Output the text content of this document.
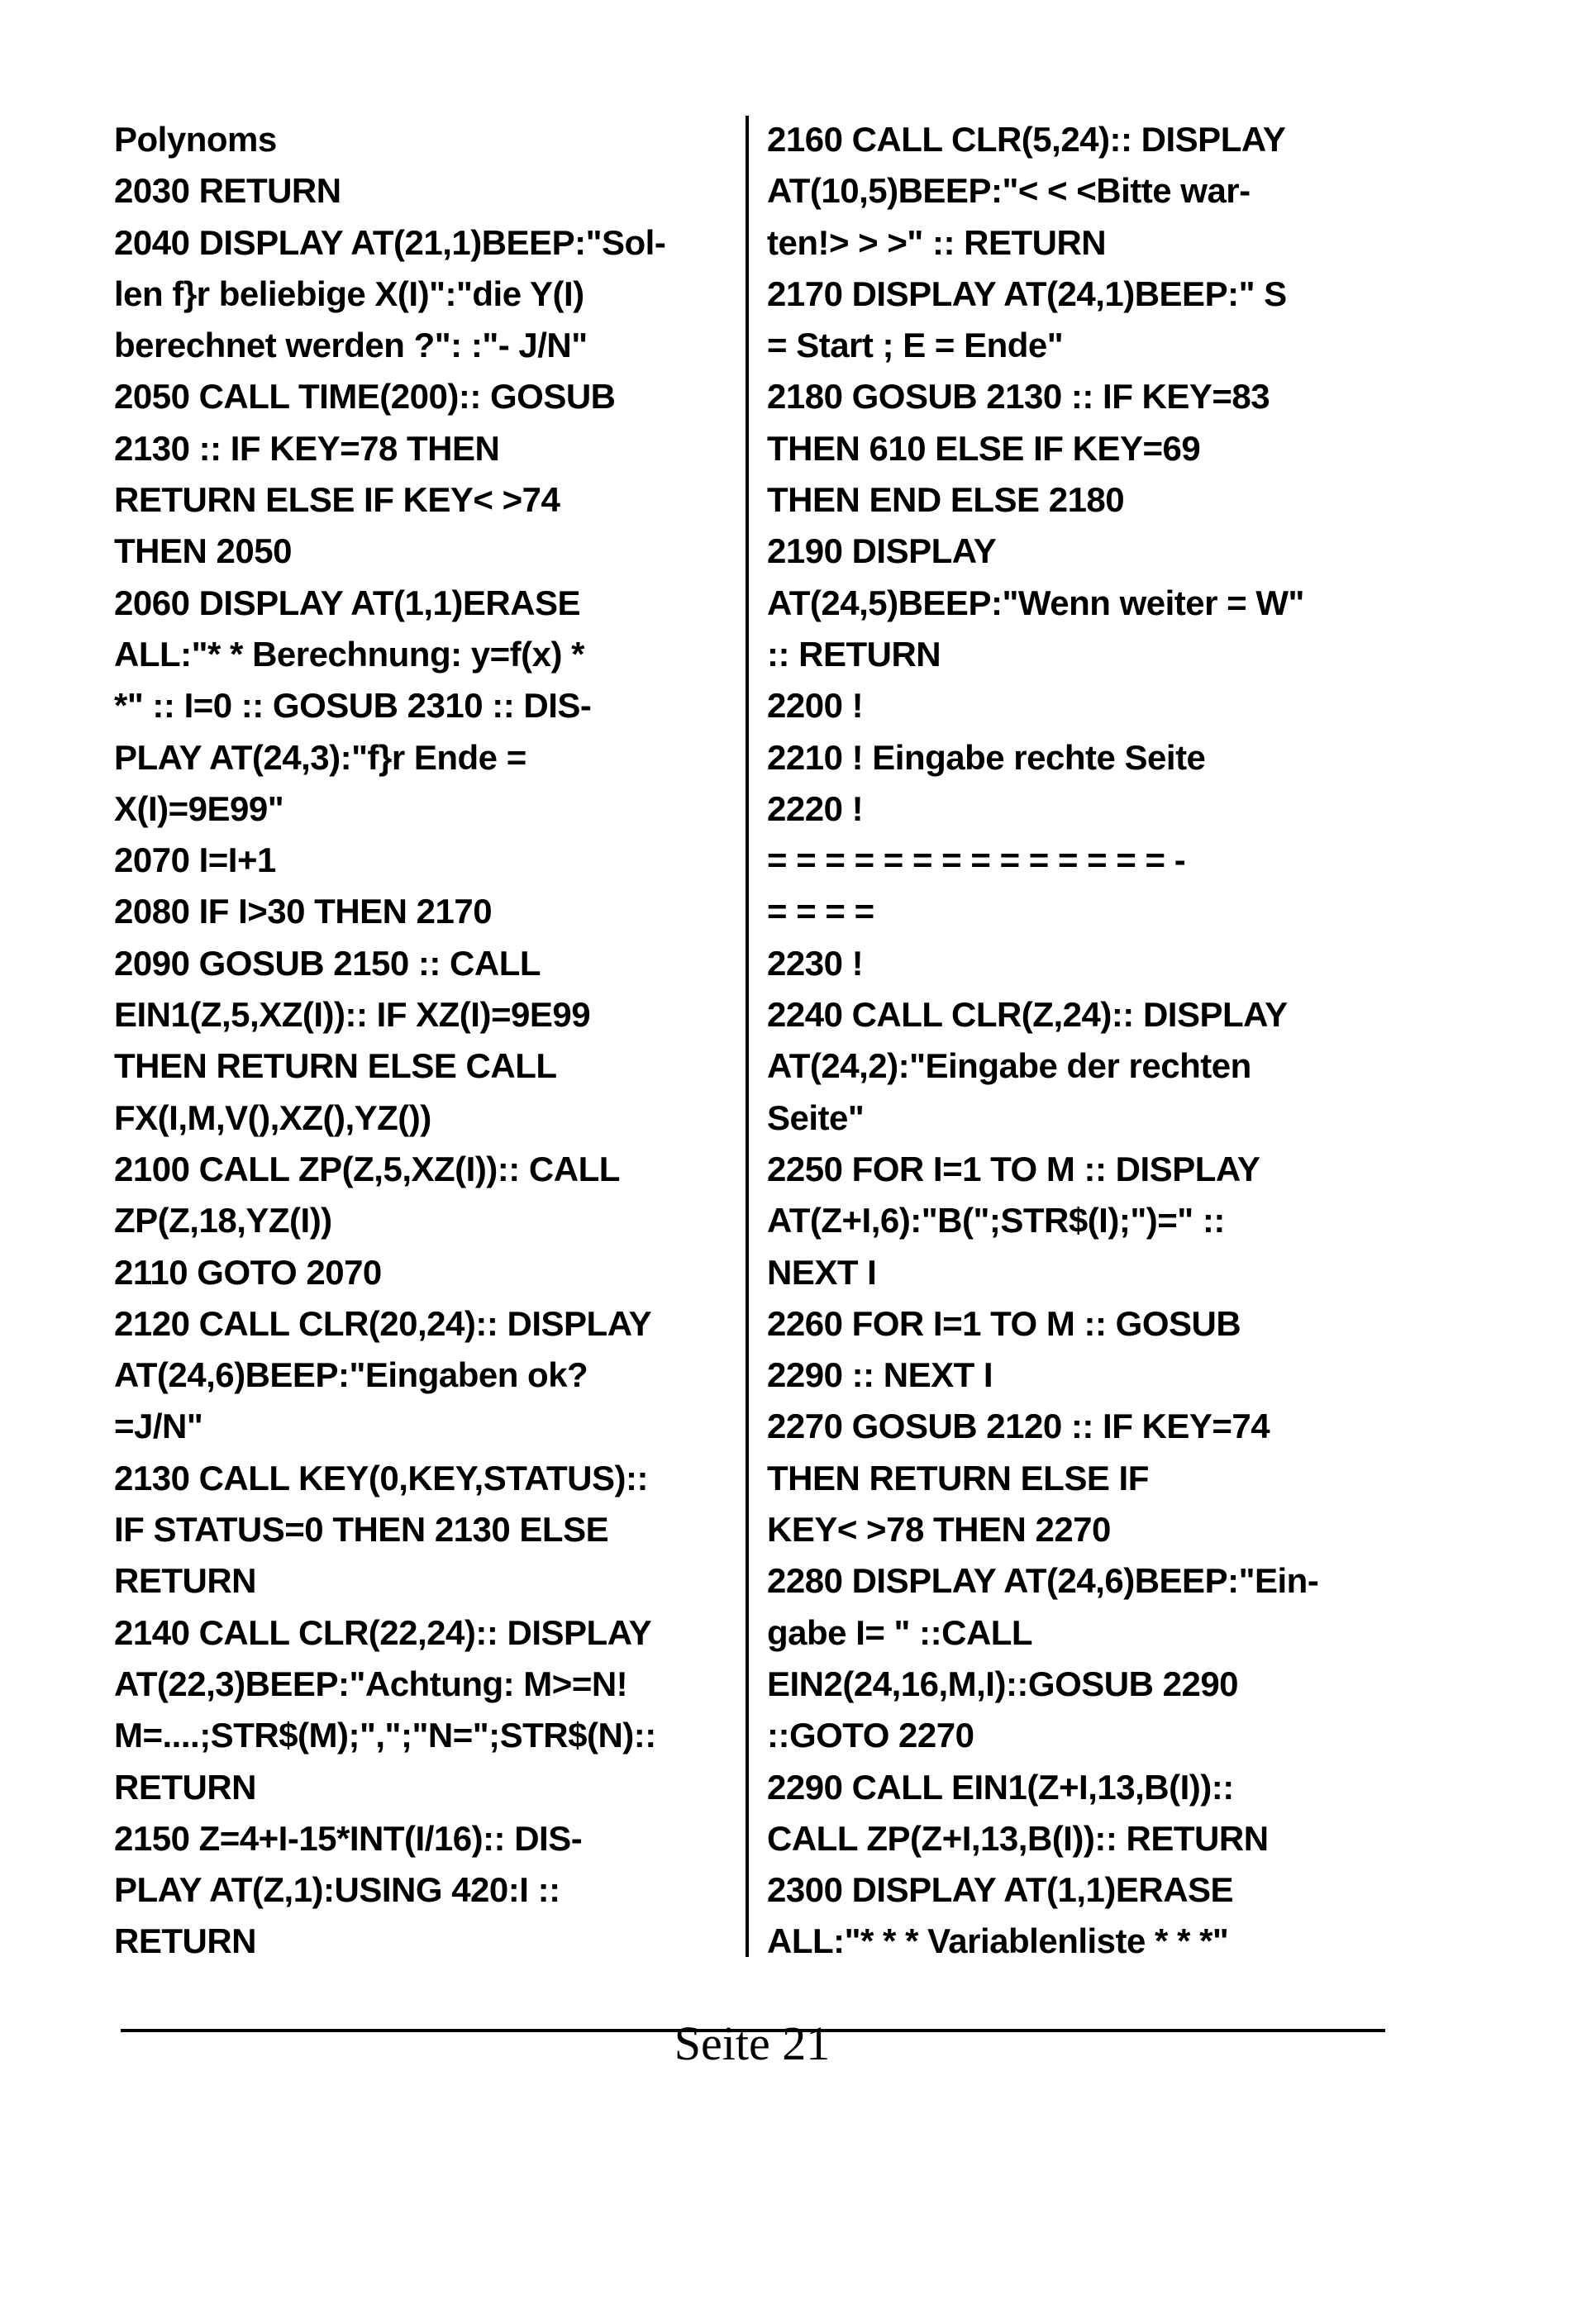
Polynoms
2030 RETURN
2040 DISPLAY AT(21,1)BEEP:"Sol-
len f}r beliebige X(I)":"die Y(I)
berechnet werden ?": :"- J/N"
2050 CALL TIME(200):: GOSUB
2130 :: IF KEY=78 THEN
RETURN ELSE IF KEY< >74
THEN 2050
2060 DISPLAY AT(1,1)ERASE
ALL:"* * Berechnung: y=f(x) *
*" :: I=0 :: GOSUB 2310 :: DIS-
PLAY AT(24,3):"f}r Ende =
X(I)=9E99"
2070 I=I+1
2080 IF I>30 THEN 2170
2090 GOSUB 2150 :: CALL
EIN1(Z,5,XZ(I)):: IF XZ(I)=9E99
THEN RETURN ELSE CALL
FX(I,M,V(),XZ(),YZ())
2100 CALL ZP(Z,5,XZ(I)):: CALL
ZP(Z,18,YZ(I))
2110 GOTO 2070
2120 CALL CLR(20,24):: DISPLAY
AT(24,6)BEEP:"Eingaben ok?
=J/N"
2130 CALL KEY(0,KEY,STATUS)::
IF STATUS=0 THEN 2130 ELSE
RETURN
2140 CALL CLR(22,24):: DISPLAY
AT(22,3)BEEP:"Achtung: M>=N!
M=....;STR$(M);",";"N=";STR$(N)::
RETURN
2150 Z=4+I-15*INT(I/16):: DIS-
PLAY AT(Z,1):USING 420:I ::
RETURN
2160 CALL CLR(5,24):: DISPLAY
AT(10,5)BEEP:"< < <Bitte war-
ten!> > >" :: RETURN
2170 DISPLAY AT(24,1)BEEP:" S
= Start ; E = Ende"
2180 GOSUB 2130 :: IF KEY=83
THEN 610 ELSE IF KEY=69
THEN END ELSE 2180
2190 DISPLAY
AT(24,5)BEEP:"Wenn weiter = W"
:: RETURN
2200 !
2210 ! Eingabe rechte Seite
2220 !
= = = = = = = = = = = = = = -
= = = =
2230 !
2240 CALL CLR(Z,24):: DISPLAY
AT(24,2):"Eingabe der rechten
Seite"
2250 FOR I=1 TO M :: DISPLAY
AT(Z+I,6):"B(";STR$(I);")=" ::
NEXT I
2260 FOR I=1 TO M :: GOSUB
2290 :: NEXT I
2270 GOSUB 2120 :: IF KEY=74
THEN RETURN ELSE IF
KEY< >78 THEN 2270
2280 DISPLAY AT(24,6)BEEP:"Ein-
gabe I= " ::CALL
EIN2(24,16,M,I)::GOSUB 2290
::GOTO 2270
2290 CALL EIN1(Z+I,13,B(I))::
CALL ZP(Z+I,13,B(I)):: RETURN
2300 DISPLAY AT(1,1)ERASE
ALL:"* * * Variablenliste * * *"
Seite 21
